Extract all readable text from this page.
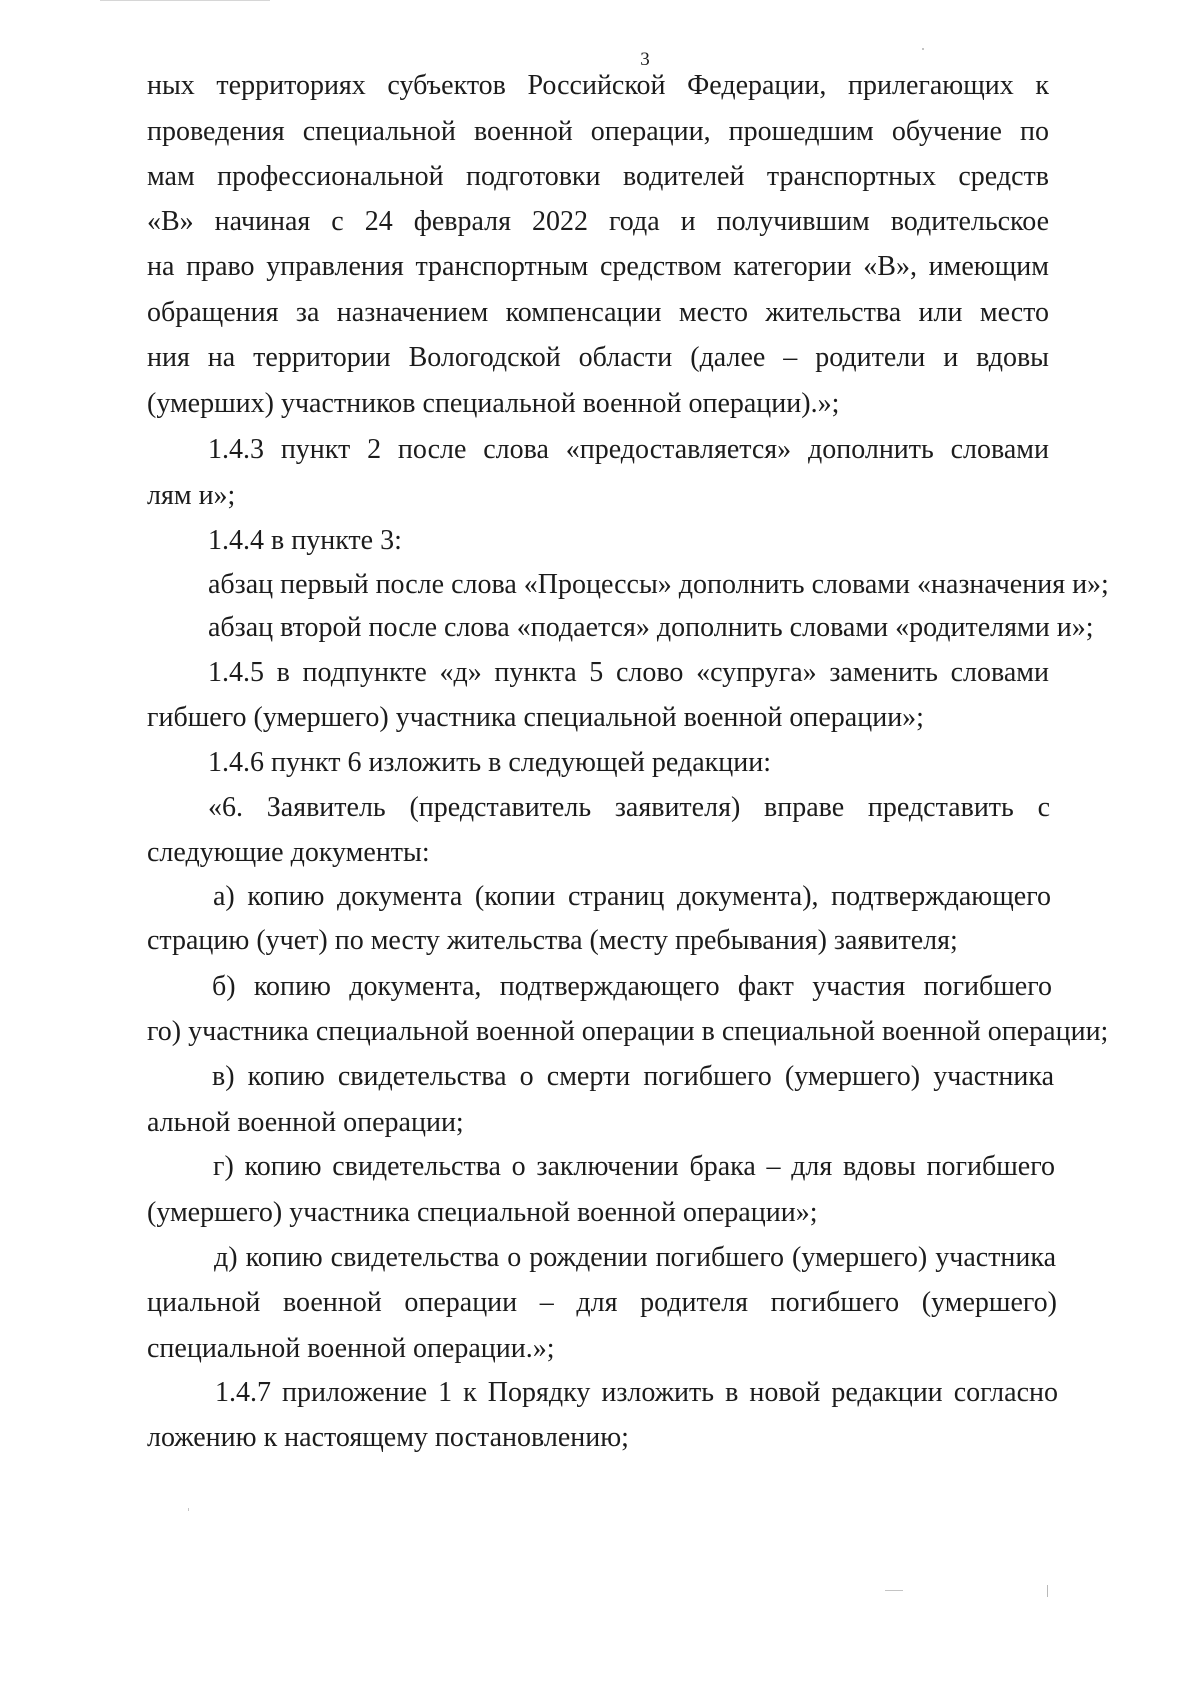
3
ных территориях субъектов Российской Федерации, прилегающих к
проведения специальной военной операции, прошедшим обучение по
мам профессиональной подготовки водителей транспортных средств
«В» начиная с 24 февраля 2022 года и получившим водительское
на право управления транспортным средством категории «В», имеющим
обращения за назначением компенсации место жительства или место
ния на территории Вологодской области (далее – родители и вдовы
(умерших) участников специальной военной операции).»;
1.4.3 пункт 2 после слова «предоставляется» дополнить словами
лям и»;
1.4.4 в пункте 3:
абзац первый после слова «Процессы» дополнить словами «назначения и»;
абзац второй после слова «подается» дополнить словами «родителями и»;
1.4.5 в подпункте «д» пункта 5 слово «супруга» заменить словами
гибшего (умершего) участника специальной военной операции»;
1.4.6 пункт 6 изложить в следующей редакции:
«6. Заявитель (представитель заявителя) вправе представить с
следующие документы:
а) копию документа (копии страниц документа), подтверждающего
страцию (учет) по месту жительства (месту пребывания) заявителя;
б) копию документа, подтверждающего факт участия погибшего
го) участника специальной военной операции в специальной военной операции;
в) копию свидетельства о смерти погибшего (умершего) участника
альной военной операции;
г) копию свидетельства о заключении брака – для вдовы погибшего
(умершего) участника специальной военной операции»;
д) копию свидетельства о рождении погибшего (умершего) участника
циальной военной операции – для родителя погибшего (умершего)
специальной военной операции.»;
1.4.7 приложение 1 к Порядку изложить в новой редакции согласно
ложению к настоящему постановлению;
